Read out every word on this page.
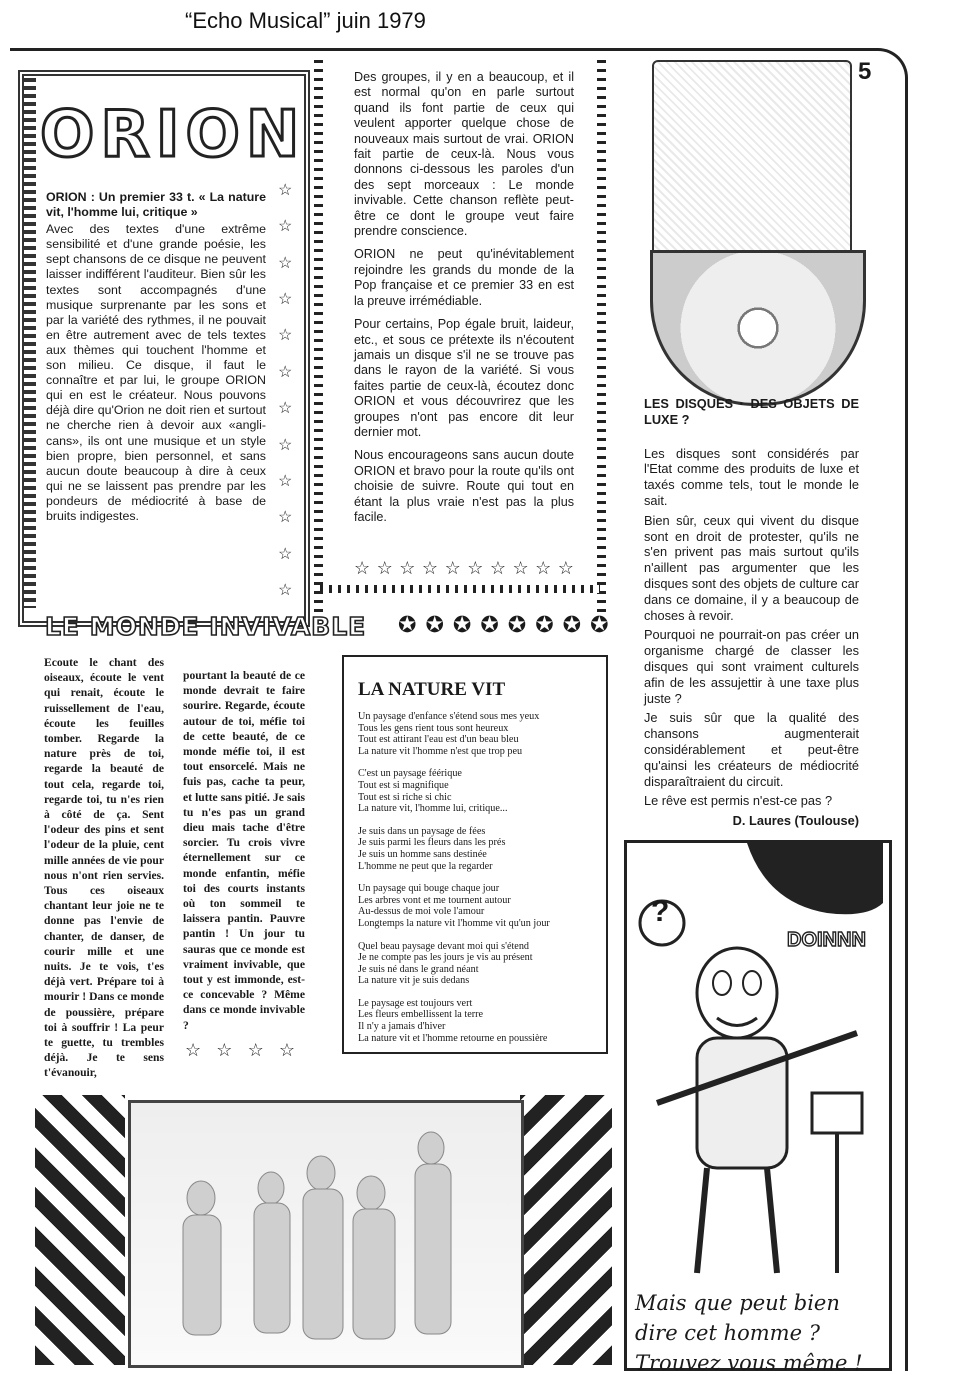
“Echo Musical” juin 1979
5
ORION
☆
☆
☆
☆
☆
☆
☆
☆
☆
☆
☆
☆

ORION : Un premier 33 t. « La nature vit, l'homme lui, critique »

Avec des textes d'une extrême sensibilité et d'une grande poésie, les sept chansons de ce disque ne peuvent laisser indifférent l'auditeur. Bien sûr les textes sont accompagnés d'une musique surprenante par les sons et par la variété des rythmes, il ne pouvait en être autrement avec de tels textes aux thèmes qui touchent l'homme et son milieu. Ce disque, il faut le connaître et par lui, le groupe ORION qui en est le créateur. Nous pouvons déjà dire qu'Orion ne doit rien et surtout ne cherche rien à devoir aux «angli-cans», ils ont une musique et un style bien propre, bien personnel, et sans aucun doute beaucoup à dire à ceux qui ne se laissent pas prendre par les pondeurs de médiocrité à base de bruits indigestes.

Des groupes, il y en a beaucoup, et il est normal qu'on en parle surtout quand ils font partie de ceux qui veulent apporter quelque chose de nouveaux mais surtout de vrai. ORION fait partie de ceux-là. Nous vous donnons ci-dessous les paroles d'un des sept morceaux : Le monde invivable. Cette chanson reflète peut-être ce dont le groupe veut faire prendre conscience.

ORION ne peut qu'inévitablement rejoindre les grands du monde de la Pop française et ce premier 33 en est la preuve irrémédiable.

Pour certains, Pop égale bruit, laideur, etc., et sous ce prétexte ils n'écoutent jamais un disque s'il ne se trouve pas dans le rayon de la variété. Si vous faites partie de ceux-là, écoutez donc ORION et vous découvrirez que les groupes n'ont pas encore dit leur dernier mot.

Nous encourageons sans aucun doute ORION et bravo pour la route qu'ils ont choisie de suivre. Route qui tout en étant la plus vraie n'est pas la plus facile.

☆ ☆ ☆ ☆ ☆ ☆ ☆ ☆ ☆ ☆

LES DISQUES · DES OBJETS DE LUXE ?

Les disques sont considérés par l'Etat comme des produits de luxe et taxés comme tels, tout le monde le sait.

Bien sûr, ceux qui vivent du disque sont en droit de protester, qu'ils ne s'en privent pas mais surtout qu'ils n'aillent pas argumenter que les disques sont des objets de culture car dans ce domaine, il y a beaucoup de choses à revoir.

Pourquoi ne pourrait-on pas créer un organisme chargé de classer les disques qui sont vraiment culturels afin de les assujettir à une taxe plus juste ?

Je suis sûr que la qualité des chansons augmenterait considérablement et peut-être qu'ainsi les créateurs de médiocrité disparaîtraient du circuit.

Le rêve est permis n'est-ce pas ?

D. Laures (Toulouse)

LE MONDE INVIVABLE ✪ ✪ ✪ ✪ ✪ ✪ ✪ ✪
Ecoute le chant des oiseaux, écoute le vent qui renait, écoute le ruissellement de l'eau, écoute les feuilles tomber. Regarde la nature près de toi, regarde la beauté de tout cela, regarde toi, regarde toi, tu n'es rien à côté de ça. Sent l'odeur des pins et sent l'odeur de la pluie, cent mille années de vie pour nous n'ont rien servies. Tous ces oiseaux chantant leur joie ne te donne pas l'envie de chanter, de danser, de courir mille et une nuits. Je te vois, t'es déjà vert. Prépare toi à mourir ! Dans ce monde de poussière, prépare toi à souffrir ! La peur te guette, tu trembles déjà. Je te sens t'évanouir,
pourtant la beauté de ce monde devrait te faire sourire. Regarde, écoute autour de toi, méfie toi de cette beauté, de ce monde méfie toi, il est tout ensorcelé. Mais ne fuis pas, cache ta peur, et lutte sans pitié. Je sais tu n'es pas un grand dieu mais tache d'être sorcier. Tu crois vivre éternellement sur ce monde enfantin, méfie toi des courts instants où ton sommeil te laissera pantin. Pauvre pantin ! Un jour tu sauras que ce monde est vraiment invivable, que tout y est immonde, est-ce concevable ? Même dans ce monde invivable ?
☆ ☆ ☆ ☆
LA NATURE VIT
Un paysage d'enfance s'étend sous mes yeux
Tous les gens rient tous sont heureux
Tout est attirant l'eau est d'un beau bleu
La nature vit l'homme n'est que trop peu
C'est un paysage féérique
Tout est si magnifique
Tout est si riche si chic
La nature vit, l'homme lui, critique...
Je suis dans un paysage de fées
Je suis parmi les fleurs dans les prés
Je suis un homme sans destinée
L'homme ne peut que la regarder
Un paysage qui bouge chaque jour
Les arbres vont et me tournent autour
Au-dessus de moi vole l'amour
Longtemps la nature vit l'homme vit qu'un jour
Quel beau paysage devant moi qui s'étend
Je ne compte pas les jours je vis au présent
Je suis né dans le grand néant
La nature vit je suis dedans
Le paysage est toujours vert
Les fleurs embellissent la terre
Il n'y a jamais d'hiver
La nature vit et l'homme retourne en poussière
?
DOINNN
Mais que peut bien dire cet homme ? Trouvez vous même !
